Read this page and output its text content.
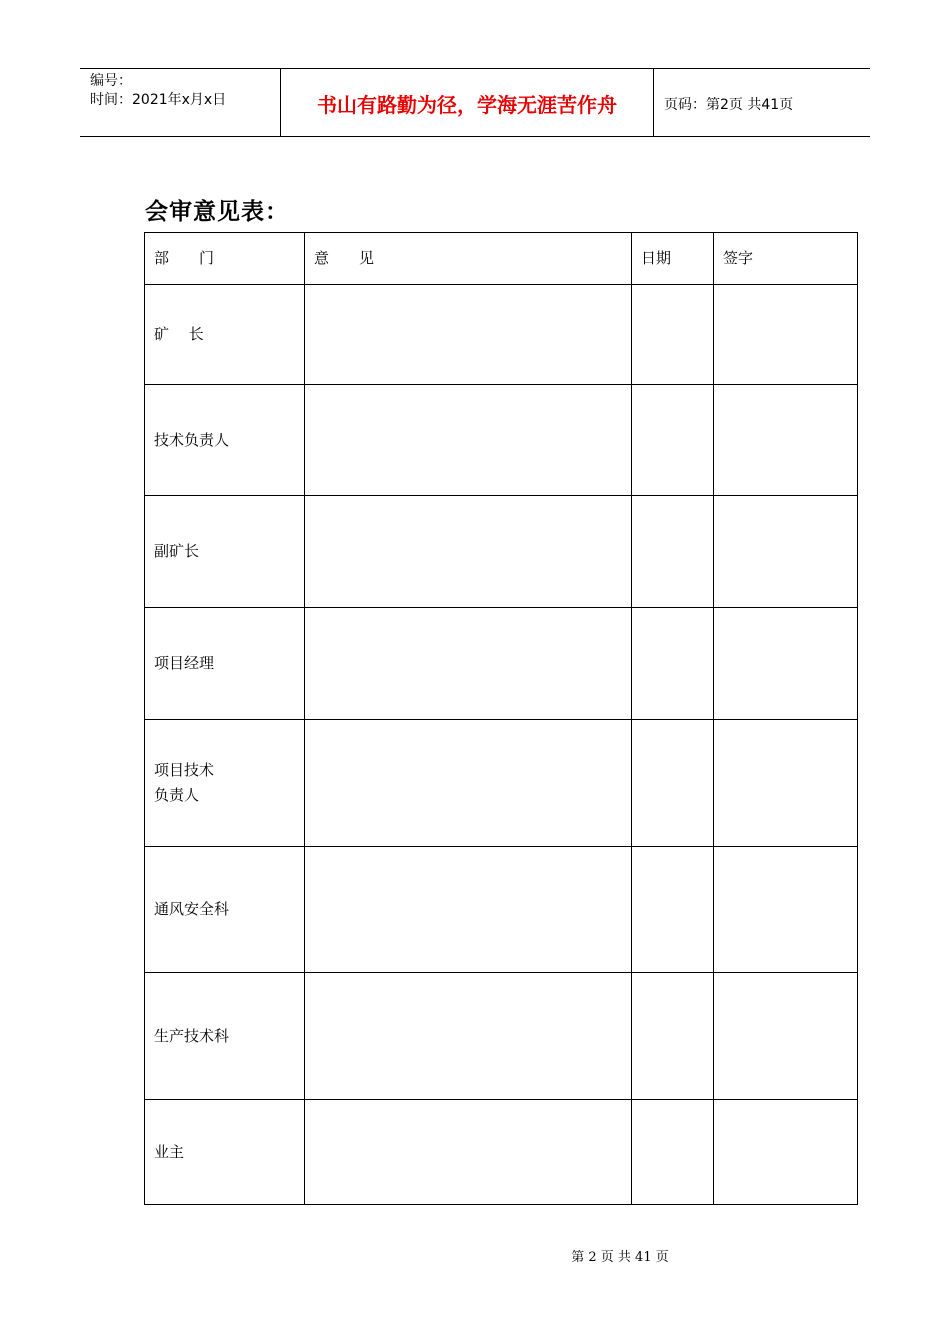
编号：
时间：2021年x月x日	书山有路勤为径，学海无涯苦作舟	页码：第2页 共41页
会审意见表：
部　　门	意　　见	日期	签字
矿　 长			
技术负责人			
副矿长			
项目经理			
项目技术
负责人			
通风安全科			
生产技术科			
业主			
第 2 页 共 41 页
